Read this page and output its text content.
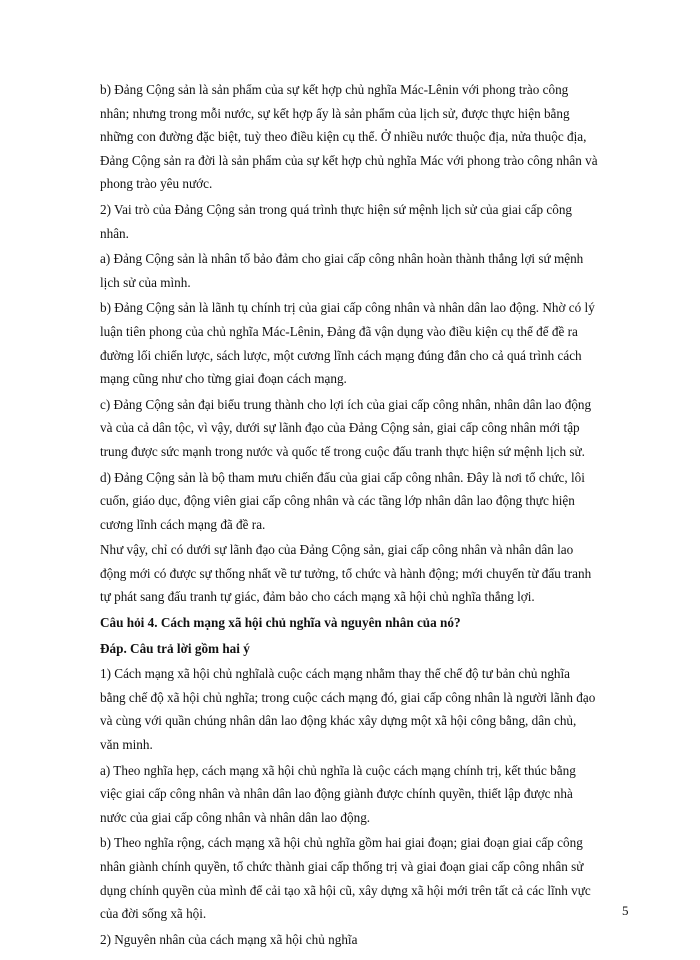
b) Đảng Cộng sản là sản phẩm của sự kết hợp chủ nghĩa Mác-Lênin với phong trào công
nhân; nhưng trong mỗi nước, sự kết hợp ấy là sản phẩm của lịch sử, được thực hiện bằng
những con đường đặc biệt, tuỳ theo điều kiện cụ thể. Ở nhiều nước thuộc địa, nửa thuộc địa,
Đảng Cộng sản ra đời là sản phẩm của sự kết hợp chủ nghĩa Mác với phong trào công nhân và
phong trào yêu nước.

2) Vai trò của Đảng Cộng sản trong quá trình thực hiện sứ mệnh lịch sử của giai cấp công
nhân.

a) Đảng Cộng sản là nhân tố bảo đảm cho giai cấp công nhân hoàn thành thắng lợi sứ mệnh
lịch sử của mình.

b) Đảng Cộng sản là lãnh tụ chính trị của giai cấp công nhân và nhân dân lao động. Nhờ có lý
luận tiên phong của chủ nghĩa Mác-Lênin, Đảng đã vận dụng vào điều kiện cụ thể để đề ra
đường lối chiến lược, sách lược, một cương lĩnh cách mạng đúng đắn cho cả quá trình cách
mạng cũng như cho từng giai đoạn cách mạng.

c) Đảng Cộng sản đại biểu trung thành cho lợi ích của giai cấp công nhân, nhân dân lao động
và của cả dân tộc, vì vậy, dưới sự lãnh đạo của Đảng Cộng sản, giai cấp công nhân mới tập
trung được sức mạnh trong nước và quốc tế trong cuộc đấu tranh thực hiện sứ mệnh lịch sử.

d) Đảng Cộng sản là bộ tham mưu chiến đấu của giai cấp công nhân. Đây là nơi tổ chức, lôi
cuốn, giáo dục, động viên giai cấp công nhân và các tầng lớp nhân dân lao động thực hiện
cương lĩnh cách mạng đã đề ra.

Như vậy, chỉ có dưới sự lãnh đạo của Đảng Cộng sản, giai cấp công nhân và nhân dân lao
động mới có được sự thống nhất về tư tưởng, tổ chức và hành động; mới chuyển từ đấu tranh
tự phát sang đấu tranh tự giác, đảm bảo cho cách mạng xã hội chủ nghĩa thắng lợi.

Câu hỏi 4. Cách mạng xã hội chủ nghĩa và nguyên nhân của nó?

Đáp. Câu trả lời gồm hai ý

1) Cách mạng xã hội chủ nghĩalà cuộc cách mạng nhằm thay thế chế độ tư bản chủ nghĩa
bằng chế độ xã hội chủ nghĩa; trong cuộc cách mạng đó, giai cấp công nhân là người lãnh đạo
và cùng với quần chúng nhân dân lao động khác xây dựng một xã hội công bằng, dân chủ,
văn minh.

a) Theo nghĩa hẹp, cách mạng xã hội chủ nghĩa là cuộc cách mạng chính trị, kết thúc bằng
việc giai cấp công nhân và nhân dân lao động giành được chính quyền, thiết lập được nhà
nước của giai cấp công nhân và nhân dân lao động.

b) Theo nghĩa rộng, cách mạng xã hội chủ nghĩa gồm hai giai đoạn; giai đoạn giai cấp công
nhân giành chính quyền, tổ chức thành giai cấp thống trị và giai đoạn giai cấp công nhân sử
dụng chính quyền của mình để cải tạo xã hội cũ, xây dựng xã hội mới trên tất cả các lĩnh vực
của đời sống xã hội.

2) Nguyên nhân của cách mạng xã hội chủ nghĩa

5
